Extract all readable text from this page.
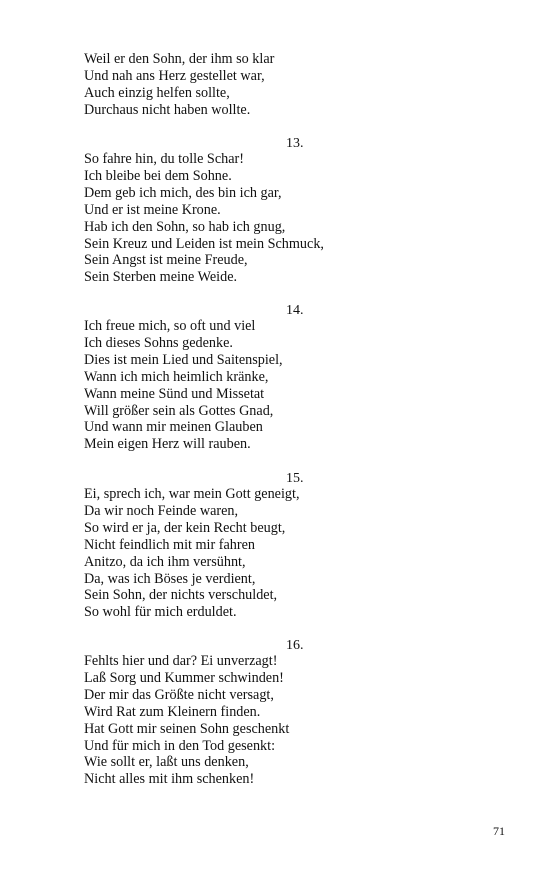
Weil er den Sohn, der ihm so klar
Und nah ans Herz gestellet war,
Auch einzig helfen sollte,
Durchaus nicht haben wollte.
13.
So fahre hin, du tolle Schar!
Ich bleibe bei dem Sohne.
Dem geb ich mich, des bin ich gar,
Und er ist meine Krone.
Hab ich den Sohn, so hab ich gnug,
Sein Kreuz und Leiden ist mein Schmuck,
Sein Angst ist meine Freude,
Sein Sterben meine Weide.
14.
Ich freue mich, so oft und viel
Ich dieses Sohns gedenke.
Dies ist mein Lied und Saitenspiel,
Wann ich mich heimlich kränke,
Wann meine Sünd und Missetat
Will größer sein als Gottes Gnad,
Und wann mir meinen Glauben
Mein eigen Herz will rauben.
15.
Ei, sprech ich, war mein Gott geneigt,
Da wir noch Feinde waren,
So wird er ja, der kein Recht beugt,
Nicht feindlich mit mir fahren
Anitzo, da ich ihm versühnt,
Da, was ich Böses je verdient,
Sein Sohn, der nichts verschuldet,
So wohl für mich erduldet.
16.
Fehlts hier und dar? Ei unverzagt!
Laß Sorg und Kummer schwinden!
Der mir das Größte nicht versagt,
Wird Rat zum Kleinern finden.
Hat Gott mir seinen Sohn geschenkt
Und für mich in den Tod gesenkt:
Wie sollt er, laßt uns denken,
Nicht alles mit ihm schenken!
71
